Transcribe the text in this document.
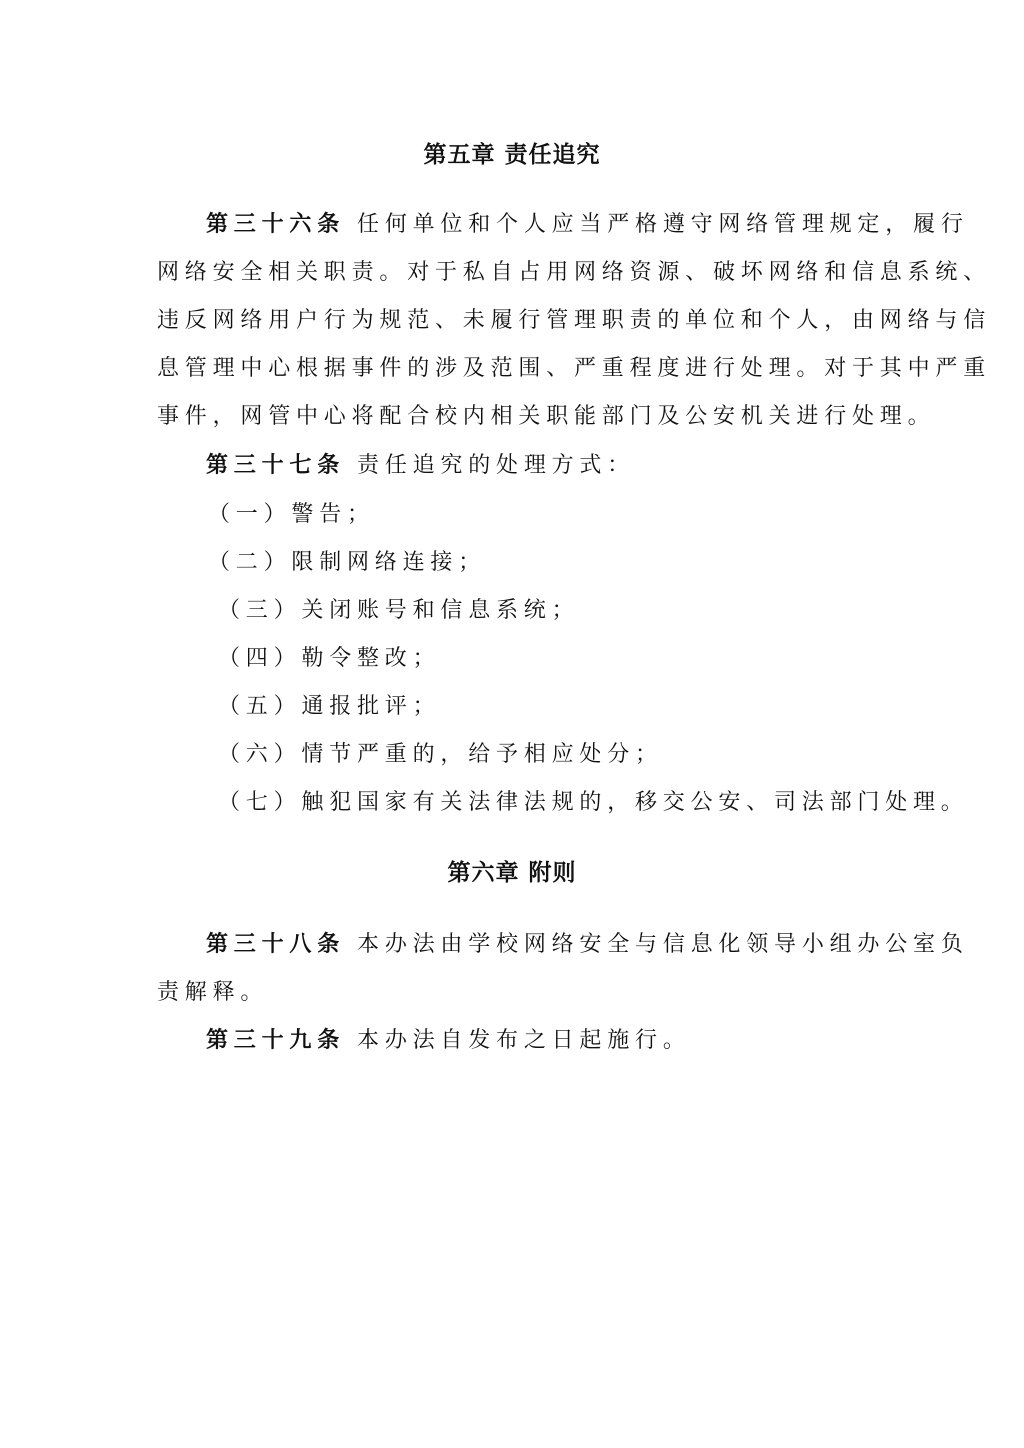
第五章 责任追究
第三十六条 任何单位和个人应当严格遵守网络管理规定，履行
网络安全相关职责。对于私自占用网络资源、破坏网络和信息系统、
违反网络用户行为规范、未履行管理职责的单位和个人，由网络与信
息管理中心根据事件的涉及范围、严重程度进行处理。对于其中严重
事件，网管中心将配合校内相关职能部门及公安机关进行处理。
第三十七条 责任追究的处理方式：
（一）警告；
（二）限制网络连接；
（三）关闭账号和信息系统；
（四）勒令整改；
（五）通报批评；
（六）情节严重的，给予相应处分；
（七）触犯国家有关法律法规的，移交公安、司法部门处理。
第六章 附则
第三十八条 本办法由学校网络安全与信息化领导小组办公室负
责解释。
第三十九条 本办法自发布之日起施行。
